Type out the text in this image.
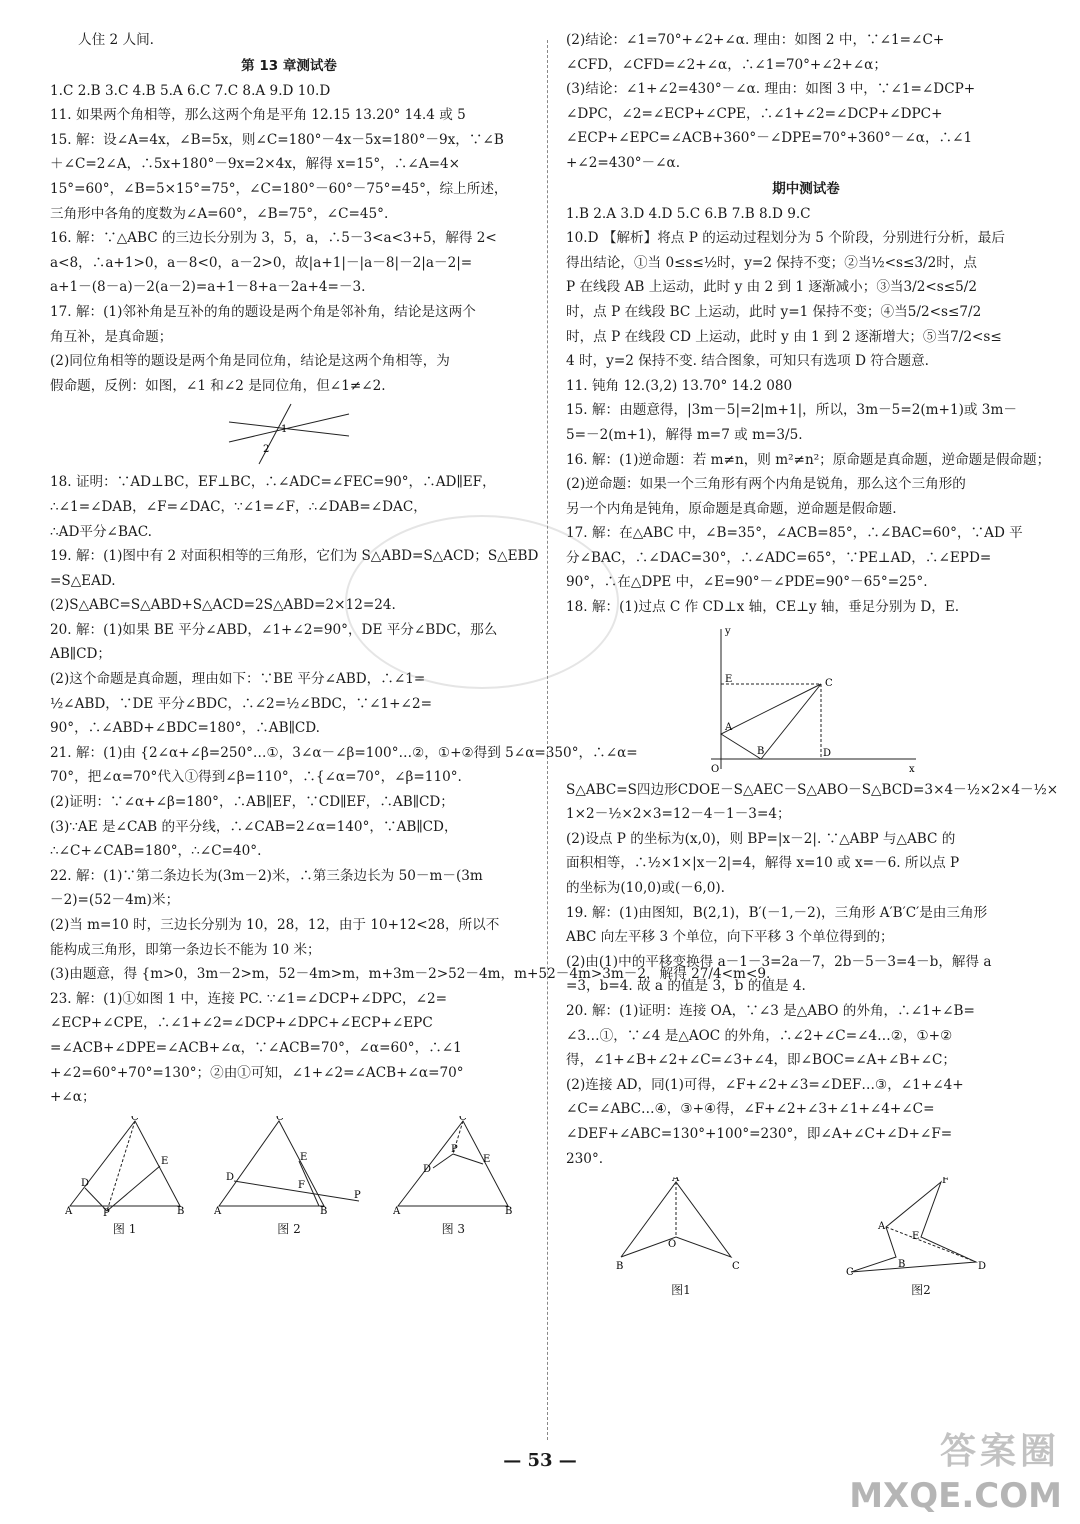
人住 2 人间.
第 13 章测试卷
1.C 2.B 3.C 4.B 5.A 6.C 7.C 8.A 9.D 10.D
11. 如果两个角相等，那么这两个角是平角 12.15 13.20° 14.4 或 5
15. 解：设∠A=4x，∠B=5x，则∠C=180°－4x－5x=180°－9x，∵∠B
＋∠C=2∠A，∴5x+180°－9x=2×4x，解得 x=15°，∴∠A=4×
15°=60°，∠B=5×15°=75°，∠C=180°－60°－75°=45°，综上所述，
三角形中各角的度数为∠A=60°，∠B=75°，∠C=45°.
16. 解：∵△ABC 的三边长分别为 3，5，a，∴5－3<a<3+5，解得 2<
a<8，∴a+1>0，a－8<0，a－2>0，故|a+1|－|a－8|－2|a－2|=
a+1－(8－a)－2(a－2)=a+1－8+a－2a+4=－3.
17. 解：(1)邻补角是互补的角的题设是两个角是邻补角，结论是这两个
角互补，是真命题；
(2)同位角相等的题设是两个角是同位角，结论是这两个角相等，为
假命题，反例：如图，∠1 和∠2 是同位角，但∠1≠∠2.
1
2
18. 证明：∵AD⊥BC，EF⊥BC，∴∠ADC=∠FEC=90°，∴AD∥EF，
∴∠1=∠DAB，∠F=∠DAC，∵∠1=∠F，∴∠DAB=∠DAC，
∴AD平分∠BAC.
19. 解：(1)图中有 2 对面积相等的三角形，它们为 S△ABD=S△ACD；S△EBD
=S△EAD.
(2)S△ABC=S△ABD+S△ACD=2S△ABD=2×12=24.
20. 解：(1)如果 BE 平分∠ABD，∠1+∠2=90°，DE 平分∠BDC，那么
AB∥CD；
(2)这个命题是真命题，理由如下：∵BE 平分∠ABD，∴∠1=
½∠ABD，∵DE 平分∠BDC，∴∠2=½∠BDC，∵∠1+∠2=
90°，∴∠ABD+∠BDC=180°，∴AB∥CD.
21. 解：(1)由 {2∠α+∠β=250°…①，3∠α－∠β=100°…②，①+②得到 5∠α=350°，∴∠α=
70°，把∠α=70°代入①得到∠β=110°，∴{∠α=70°，∠β=110°.
(2)证明：∵∠α+∠β=180°，∴AB∥EF，∵CD∥EF，∴AB∥CD；
(3)∵AE 是∠CAB 的平分线，∴∠CAB=2∠α=140°，∵AB∥CD，
∴∠C+∠CAB=180°，∴∠C=40°.
22. 解：(1)∵第二条边长为(3m－2)米，∴第三条边长为 50－m－(3m
－2)=(52－4m)米；
(2)当 m=10 时，三边长分别为 10，28，12，由于 10+12<28，所以不
能构成三角形，即第一条边长不能为 10 米；
(3)由题意，得 {m>0，3m－2>m，52－4m>m，m+3m－2>52－4m，m+52－4m>3m－2，解得 27/4<m<9.
23. 解：(1)①如图 1 中，连接 PC. ∵∠1=∠DCP+∠DPC，∠2=
∠ECP+∠CPE，∴∠1+∠2=∠DCP+∠DPC+∠ECP+∠EPC
=∠ACB+∠DPE=∠ACB+∠α，∵∠ACB=70°，∠α=60°，∴∠1
+∠2=60°+70°=130°；②由①可知，∠1+∠2=∠ACB+∠α=70°
+∠α；
C
D
E
P
A	B
图 1
C
D
E
F
P
A	B
图 2
C
D
E
P
A	B
图 3
(2)结论：∠1=70°+∠2+∠α. 理由：如图 2 中，∵∠1=∠C+
∠CFD，∠CFD=∠2+∠α，∴∠1=70°+∠2+∠α；
(3)结论：∠1+∠2=430°－∠α. 理由：如图 3 中，∵∠1=∠DCP+
∠DPC，∠2=∠ECP+∠CPE，∴∠1+∠2=∠DCP+∠DPC+
∠ECP+∠EPC=∠ACB+360°－∠DPE=70°+360°－∠α，∴∠1
+∠2=430°－∠α.
期中测试卷
1.B 2.A 3.D 4.D 5.C 6.B 7.B 8.D 9.C
10.D 【解析】将点 P 的运动过程划分为 5 个阶段，分别进行分析，最后
得出结论，①当 0≤s≤½时，y=2 保持不变；②当½<s≤3/2时，点
P 在线段 AB 上运动，此时 y 由 2 到 1 逐渐减小；③当3/2<s≤5/2
时，点 P 在线段 BC 上运动，此时 y=1 保持不变；④当5/2<s≤7/2
时，点 P 在线段 CD 上运动，此时 y 由 1 到 2 逐渐增大；⑤当7/2<s≤
4 时，y=2 保持不变. 结合图象，可知只有选项 D 符合题意.
11. 钝角 12.(3,2) 13.70° 14.2 080
15. 解：由题意得，|3m－5|=2|m+1|，所以，3m－5=2(m+1)或 3m－
5=－2(m+1)，解得 m=7 或 m=3/5.
16. 解：(1)逆命题：若 m≠n，则 m²≠n²；原命题是真命题，逆命题是假命题；
(2)逆命题：如果一个三角形有两个内角是锐角，那么这个三角形的
另一个内角是钝角，原命题是真命题，逆命题是假命题.
17. 解：在△ABC 中，∠B=35°，∠ACB=85°，∴∠BAC=60°，∵AD 平
分∠BAC，∴∠DAC=30°，∴∠ADC=65°，∵PE⊥AD，∴∠EPD=
90°，∴在△DPE 中，∠E=90°－∠PDE=90°－65°=25°.
18. 解：(1)过点 C 作 CD⊥x 轴，CE⊥y 轴，垂足分别为 D，E.
x
y
C
E
A
B	D
O
S△ABC=S四边形CDOE－S△AEC－S△ABO－S△BCD=3×4－½×2×4－½×
1×2－½×2×3=12－4－1－3=4；
(2)设点 P 的坐标为(x,0)，则 BP=|x－2|. ∵△ABP 与△ABC 的
面积相等，∴½×1×|x－2|=4，解得 x=10 或 x=－6. 所以点 P
的坐标为(10,0)或(－6,0).
19. 解：(1)由图知，B(2,1)，B′(－1,－2)，三角形 A′B′C′是由三角形
ABC 向左平移 3 个单位，向下平移 3 个单位得到的；
(2)由(1)中的平移变换得 a－1－3=2a－7，2b－5－3=4－b，解得 a
=3，b=4. 故 a 的值是 3，b 的值是 4.
20. 解：(1)证明：连接 OA，∵∠3 是△ABO 的外角，∴∠1+∠B=
∠3…①，∵∠4 是△AOC 的外角，∴∠2+∠C=∠4…②，①+②
得，∠1+∠B+∠2+∠C=∠3+∠4，即∠BOC=∠A+∠B+∠C；
(2)连接 AD，同(1)可得，∠F+∠2+∠3=∠DEF…③，∠1+∠4+
∠C=∠ABC…④，③+④得，∠F+∠2+∠3+∠1+∠4+∠C=
∠DEF+∠ABC=130°+100°=230°，即∠A+∠C+∠D+∠F=
230°.
A
B	C
O
图1
F
A
E
D
C
B
图2
— 53 —	答案圈
MXQE.COM
